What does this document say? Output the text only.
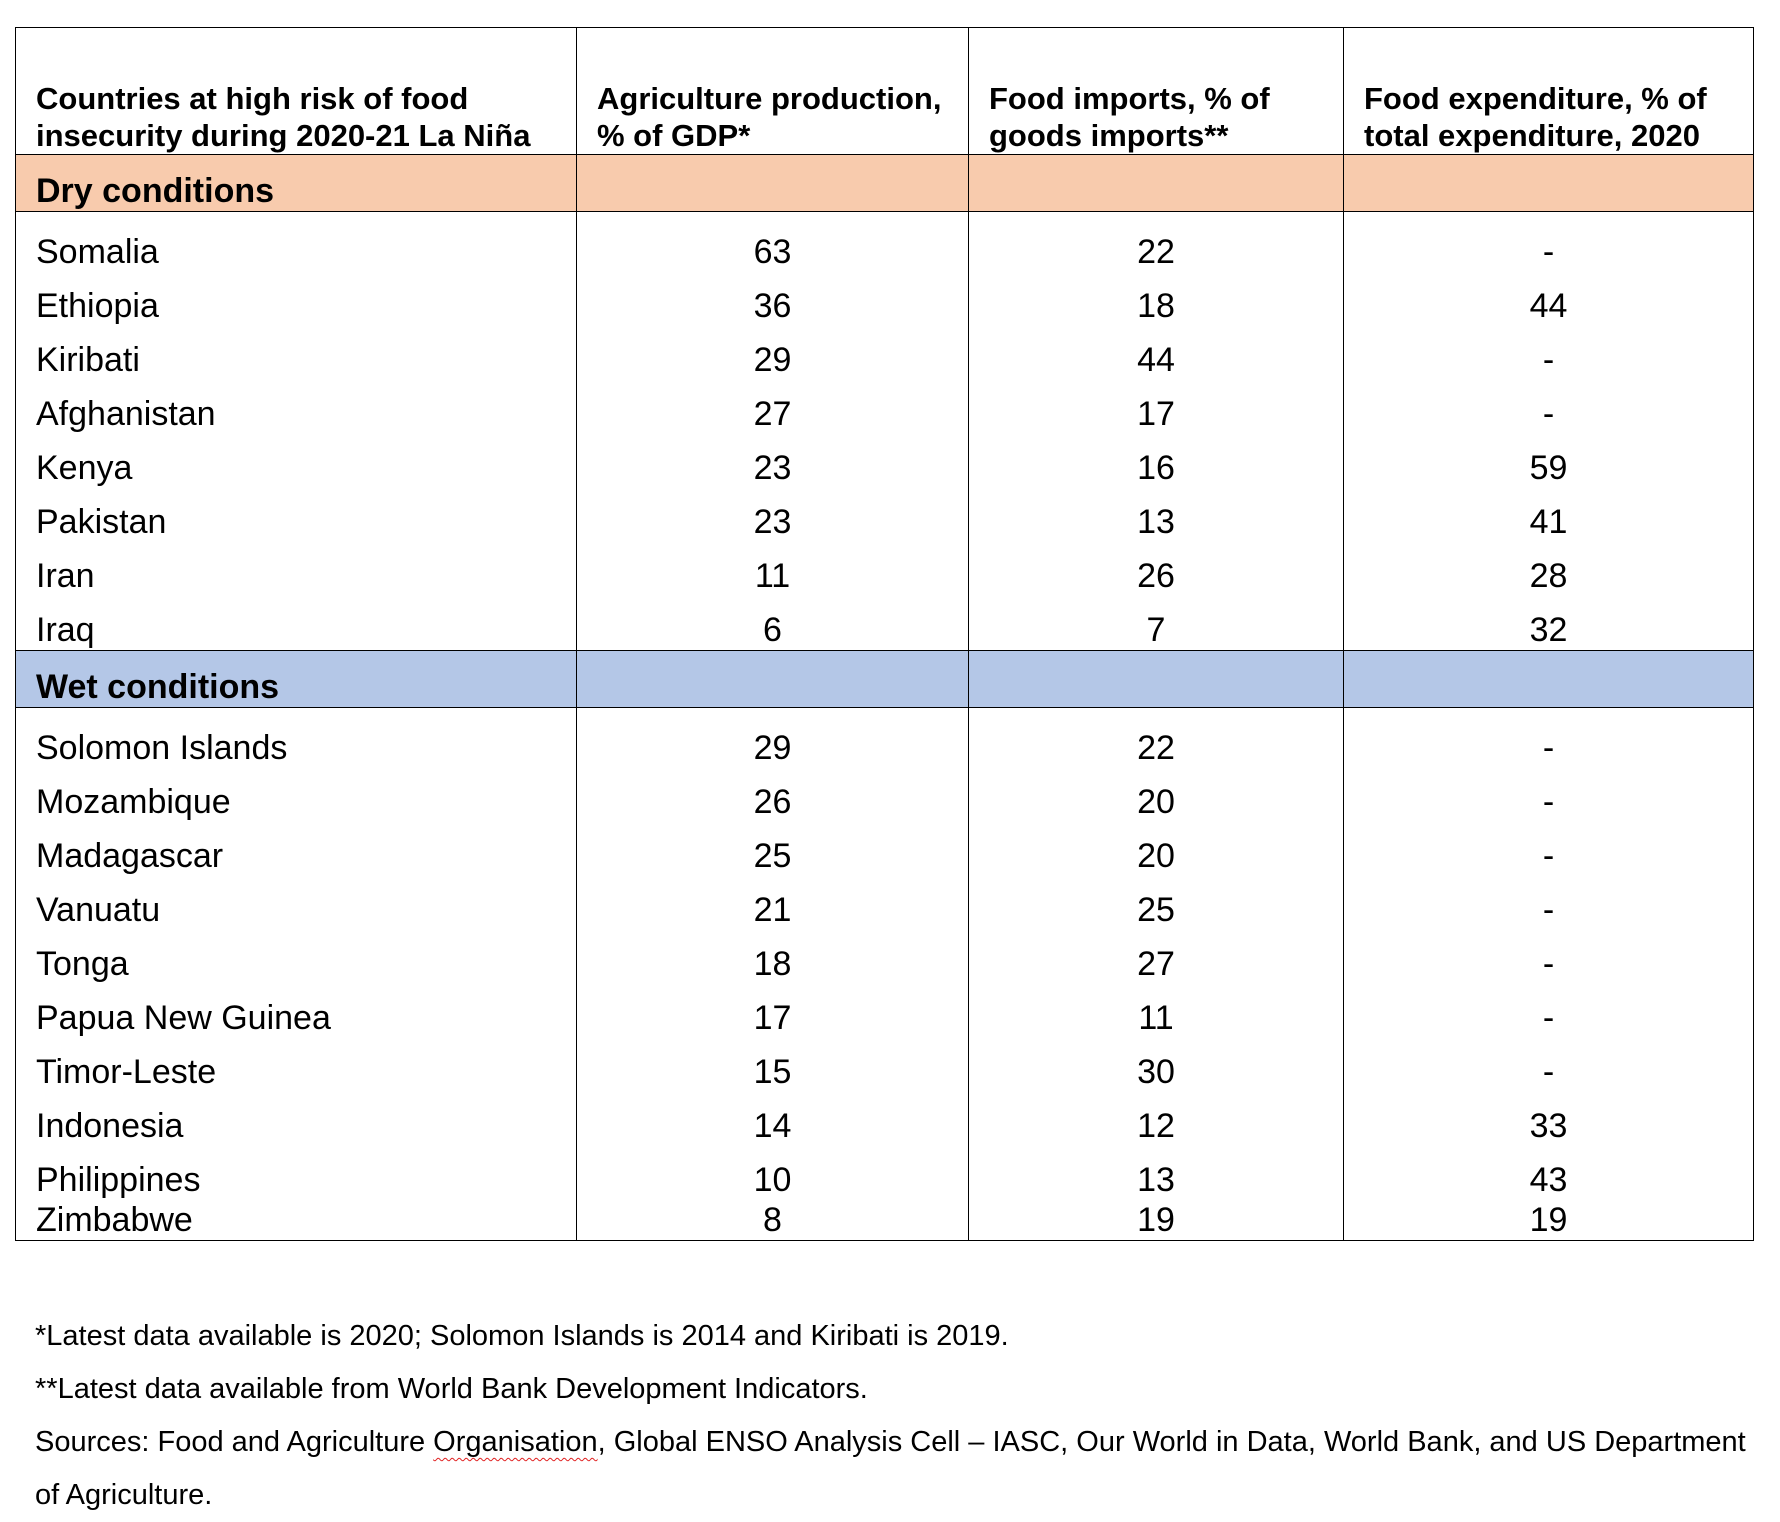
Countries at high risk of food insecurity during 2020-21 La Niña	Agriculture production, % of GDP*	Food imports, % of goods imports**	Food expenditure, % of total expenditure, 2020
Dry conditions			
Somalia	63	22	-
Ethiopia	36	18	44
Kiribati	29	44	-
Afghanistan	27	17	-
Kenya	23	16	59
Pakistan	23	13	41
Iran	11	26	28
Iraq	6	7	32
Wet conditions			
Solomon Islands	29	22	-
Mozambique	26	20	-
Madagascar	25	20	-
Vanuatu	21	25	-
Tonga	18	27	-
Papua New Guinea	17	11	-
Timor-Leste	15	30	-
Indonesia	14	12	33
Philippines	10	13	43
Zimbabwe	8	19	19

*Latest data available is 2020; Solomon Islands is 2014 and Kiribati is 2019.

**Latest data available from World Bank Development Indicators.

Sources: Food and Agriculture Organisation, Global ENSO Analysis Cell – IASC, Our World in Data, World Bank, and US Department of Agriculture.
